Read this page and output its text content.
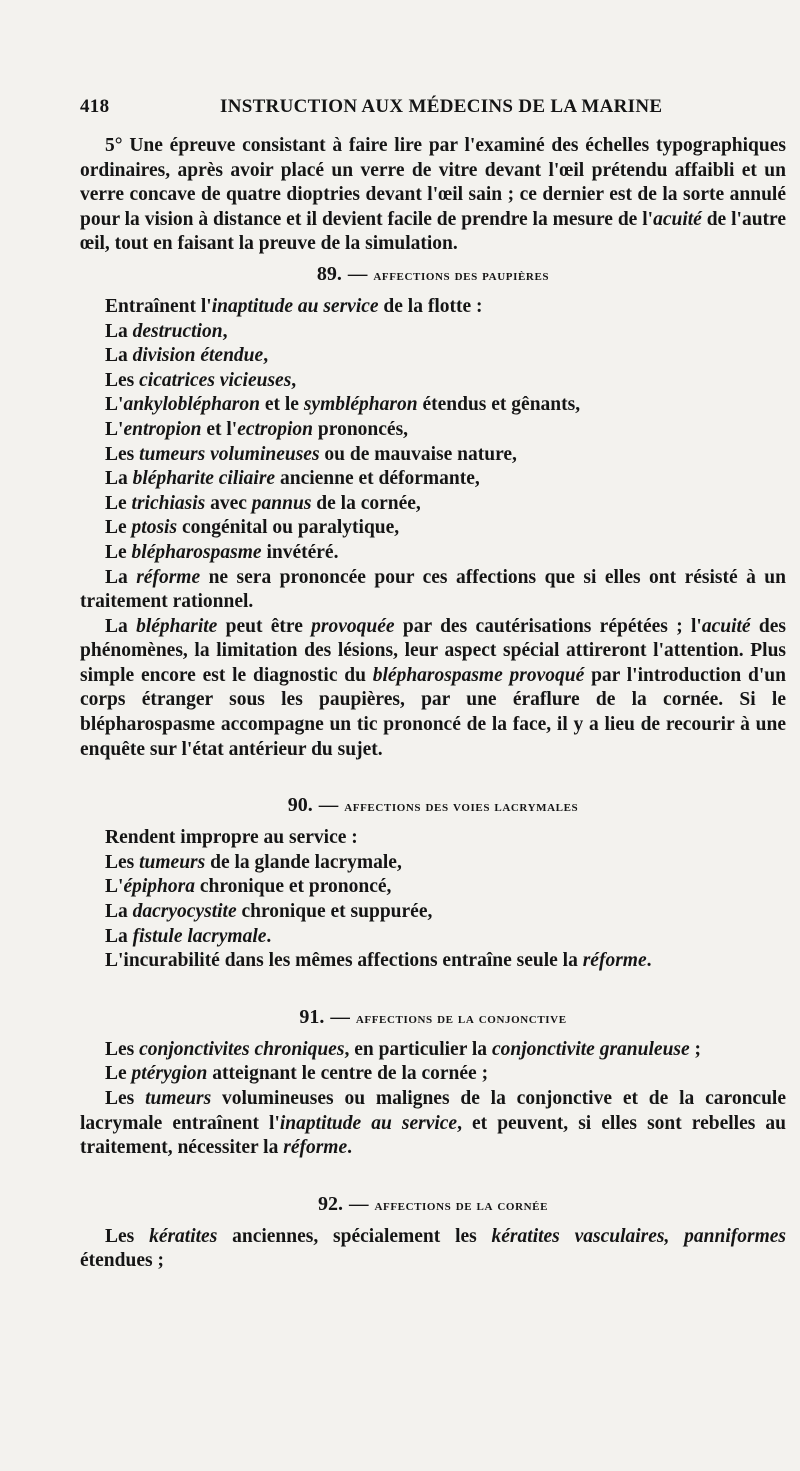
418	INSTRUCTION AUX MÉDECINS DE LA MARINE

5° Une épreuve consistant à faire lire par l'examiné des échelles typographiques ordinaires, après avoir placé un verre de vitre devant l'œil prétendu affaibli et un verre concave de quatre dioptries devant l'œil sain ; ce dernier est de la sorte annulé pour la vision à distance et il devient facile de prendre la mesure de l'acuité de l'autre œil, tout en faisant la preuve de la simulation.

89. — affections des paupières

Entraînent l'inaptitude au service de la flotte :

La destruction,

La division étendue,

Les cicatrices vicieuses,

L'ankyloblépharon et le symblépharon étendus et gênants,

L'entropion et l'ectropion prononcés,

Les tumeurs volumineuses ou de mauvaise nature,

La blépharite ciliaire ancienne et déformante,

Le trichiasis avec pannus de la cornée,

Le ptosis congénital ou paralytique,

Le blépharospasme invétéré.

La réforme ne sera prononcée pour ces affections que si elles ont résisté à un traitement rationnel.

La blépharite peut être provoquée par des cautérisations répétées ; l'acuité des phénomènes, la limitation des lésions, leur aspect spécial attireront l'attention. Plus simple encore est le diagnostic du blépharospasme provoqué par l'introduction d'un corps étranger sous les paupières, par une éraflure de la cornée. Si le blépharospasme accompagne un tic prononcé de la face, il y a lieu de recourir à une enquête sur l'état antérieur du sujet.

90. — affections des voies lacrymales

Rendent impropre au service :

Les tumeurs de la glande lacrymale,

L'épiphora chronique et prononcé,

La dacryocystite chronique et suppurée,

La fistule lacrymale.

L'incurabilité dans les mêmes affections entraîne seule la réforme.

91. — affections de la conjonctive

Les conjonctivites chroniques, en particulier la conjonctivite granuleuse ;

Le ptérygion atteignant le centre de la cornée ;

Les tumeurs volumineuses ou malignes de la conjonctive et de la caroncule lacrymale entraînent l'inaptitude au service, et peuvent, si elles sont rebelles au traitement, nécessiter la réforme.

92. — affections de la cornée

Les kératites anciennes, spécialement les kératites vasculaires, panniformes étendues ;
